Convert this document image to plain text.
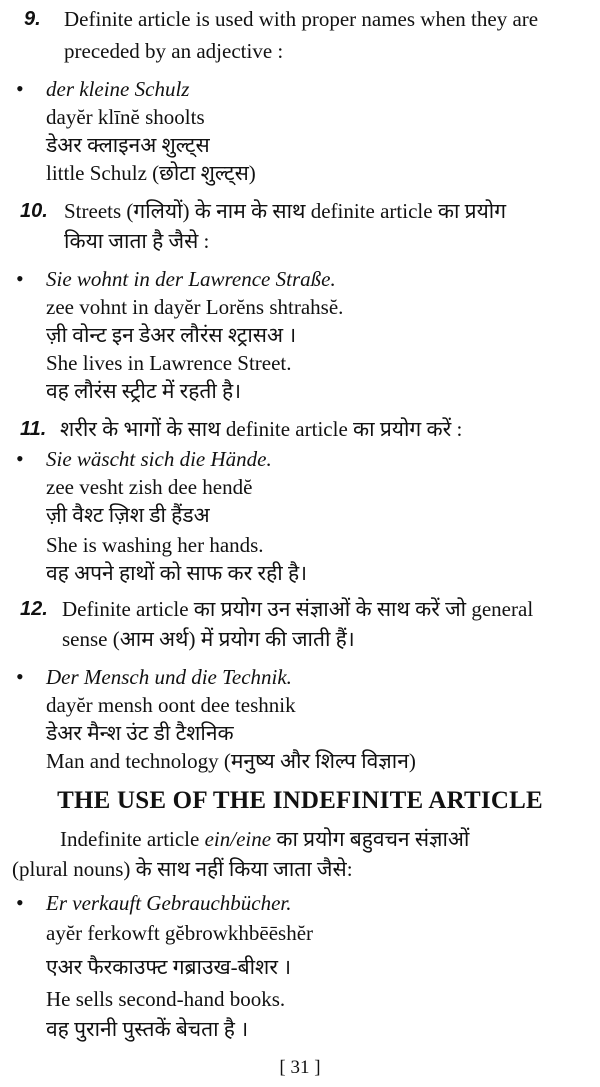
9. Definite article is used with proper names when they are
preceded by an adjective :
• der kleine Schulz
dayĕr klīnĕ shoolts
डेअर क्लाइनअ शुल्ट्स
little Schulz (छोटा शुल्ट्स)
10. Streets (गलियों) के नाम के साथ definite article का प्रयोग
किया जाता है जैसे :
• Sie wohnt in der Lawrence Straße.
zee vohnt in dayĕr Lorĕns shtrahsĕ.
ज़ी वोन्ट इन डेअर लौरंस श्ट्रासअ ।
She lives in Lawrence Street.
वह लौरंस स्ट्रीट में रहती है।
11. शरीर के भागों के साथ definite article का प्रयोग करें :
• Sie wäscht sich die Hände.
zee vesht zish dee hendĕ
ज़ी वैश्ट ज़िश डी हैंडअ
She is washing her hands.
वह अपने हाथों को साफ कर रही है।
12. Definite article का प्रयोग उन संज्ञाओं के साथ करें जो general
sense (आम अर्थ) में प्रयोग की जाती हैं।
• Der Mensch und die Technik.
dayĕr mensh oont dee teshnik
डेअर मैन्श उंट डी टैशनिक
Man and technology (मनुष्य और शिल्प विज्ञान)
THE USE OF THE INDEFINITE ARTICLE
Indefinite article ein/eine का प्रयोग बहुवचन संज्ञाओं
(plural nouns) के साथ नहीं किया जाता जैसे:
• Er verkauft Gebrauchbücher.
ayĕr ferkowft gĕbrowkhbēēshĕr
एअर फैरकाउफ्ट गब्राउख-बीशर ।
He sells second-hand books.
वह पुरानी पुस्तकें बेचता है ।
[ 31 ]
